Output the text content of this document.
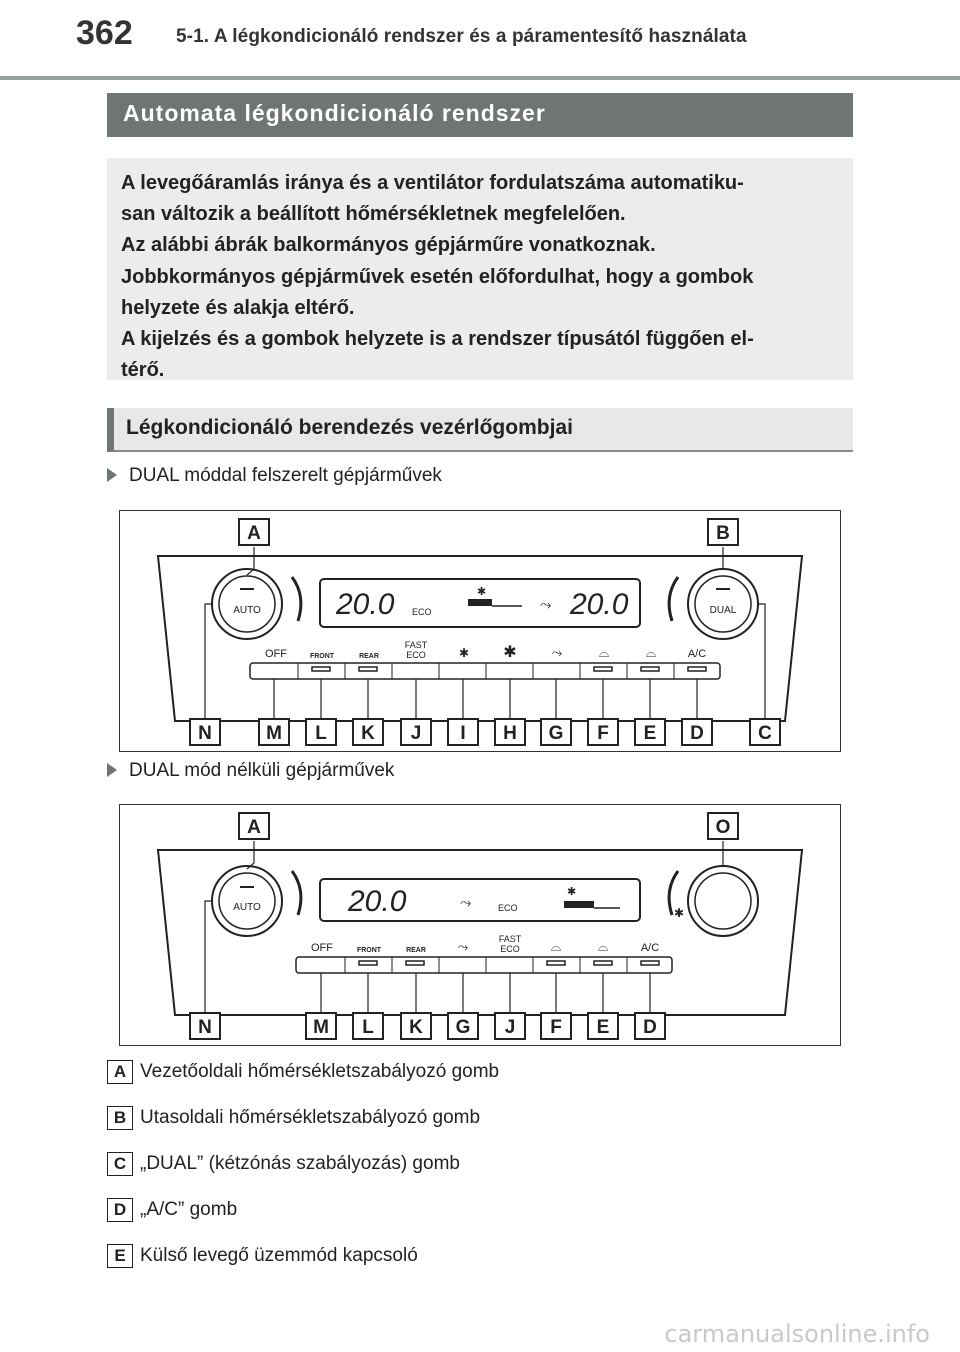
362 5-1. A légkondicionáló rendszer és a páramentesítő használata
Automata légkondicionáló rendszer
A levegőáramlás iránya és a ventilátor fordulatszáma automatiku-
san változik a beállított hőmérsékletnek megfelelően.
Az alábbi ábrák balkormányos gépjárműre vonatkoznak.
Jobbkormányos gépjárművek esetén előfordulhat, hogy a gombok
helyzete és alakja eltérő.
A kijelzés és a gombok helyzete is a rendszer típusától függően el-
térő.
Légkondicionáló berendezés vezérlőgombjai
DUAL móddal felszerelt gépjárművek
AUTO	DUAL
20.0 ECO
✱
⤳ 20.0
OFF	FRONT	REAR
FAST
ECO	✱ ✱	⤳	⌓	⌓	A/C
A	B
N	M L K J I H G F E D	C
DUAL mód nélküli gépjárművek
✱
AUTO	20.0	⤳	ECO
✱
OFF	FRONT	REAR ⤳	FAST
ECO ⌓	⌓	A/C
A	O
N	M L K G J F E D
A Vezetőoldali hőmérsékletszabályozó gomb
B Utasoldali hőmérsékletszabályozó gomb
C „DUAL” (kétzónás szabályozás) gomb
D „A/C” gomb
E Külső levegő üzemmód kapcsoló
carmanualsonline.info
